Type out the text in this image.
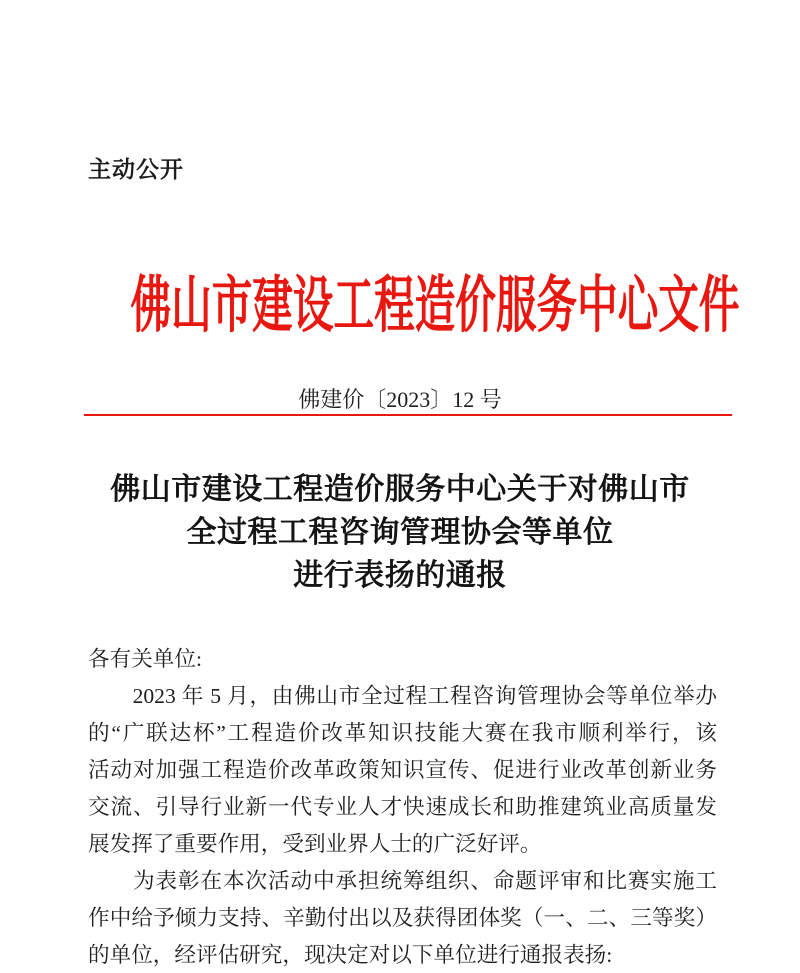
主动公开
佛山市建设工程造价服务中心文件
佛建价〔2023〕12 号
佛山市建设工程造价服务中心关于对佛山市
全过程工程咨询管理协会等单位
进行表扬的通报
各有关单位:
　　2023 年 5 月，由佛山市全过程工程咨询管理协会等单位举办
的“广联达杯”工程造价改革知识技能大赛在我市顺利举行，该
活动对加强工程造价改革政策知识宣传、促进行业改革创新业务
交流、引导行业新一代专业人才快速成长和助推建筑业高质量发
展发挥了重要作用，受到业界人士的广泛好评。
　　为表彰在本次活动中承担统筹组织、命题评审和比赛实施工
作中给予倾力支持、辛勤付出以及获得团体奖（一、二、三等奖）
的单位，经评估研究，现决定对以下单位进行通报表扬:
